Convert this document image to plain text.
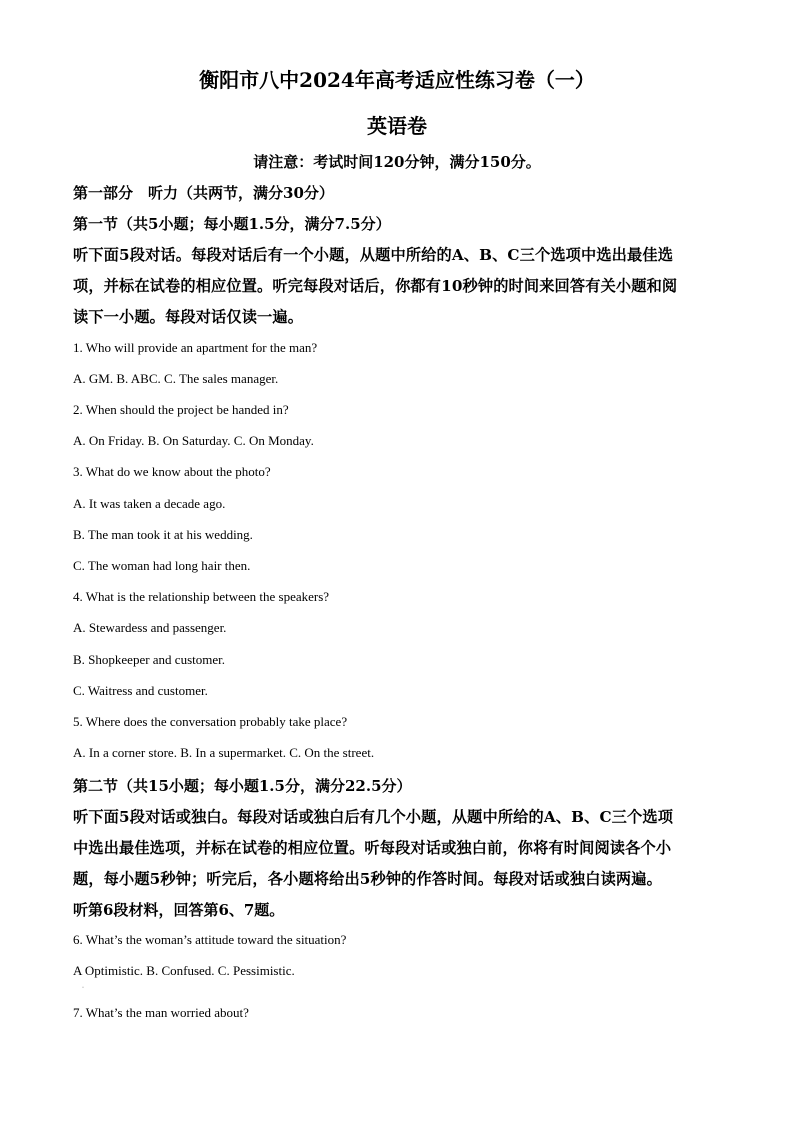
衡阳市八中2024年高考适应性练习卷（一）
英语卷
请注意：考试时间120分钟，满分150分。
第一部分　听力（共两节，满分30分）
第一节（共5小题；每小题1.5分，满分7.5分）
听下面5段对话。每段对话后有一个小题，从题中所给的A、B、C三个选项中选出最佳选
项，并标在试卷的相应位置。听完每段对话后，你都有10秒钟的时间来回答有关小题和阅
读下一小题。每段对话仅读一遍。
1. Who will provide an apartment for the man?
A. GM. B. ABC. C. The sales manager.
2. When should the project be handed in?
A. On Friday. B. On Saturday. C. On Monday.
3. What do we know about the photo?
A. It was taken a decade ago.
B. The man took it at his wedding.
C. The woman had long hair then.
4. What is the relationship between the speakers?
A. Stewardess and passenger.
B. Shopkeeper and customer.
C. Waitress and customer.
5. Where does the conversation probably take place?
A. In a corner store. B. In a supermarket. C. On the street.
第二节（共15小题；每小题1.5分，满分22.5分）
听下面5段对话或独白。每段对话或独白后有几个小题，从题中所给的A、B、C三个选项
中选出最佳选项，并标在试卷的相应位置。听每段对话或独白前，你将有时间阅读各个小
题，每小题5秒钟；听完后，各小题将给出5秒钟的作答时间。每段对话或独白读两遍。
听第6段材料，回答第6、7题。
6. What’s the woman’s attitude toward the situation?
A Optimistic. B. Confused. C. Pessimistic.
·
7. What’s the man worried about?
